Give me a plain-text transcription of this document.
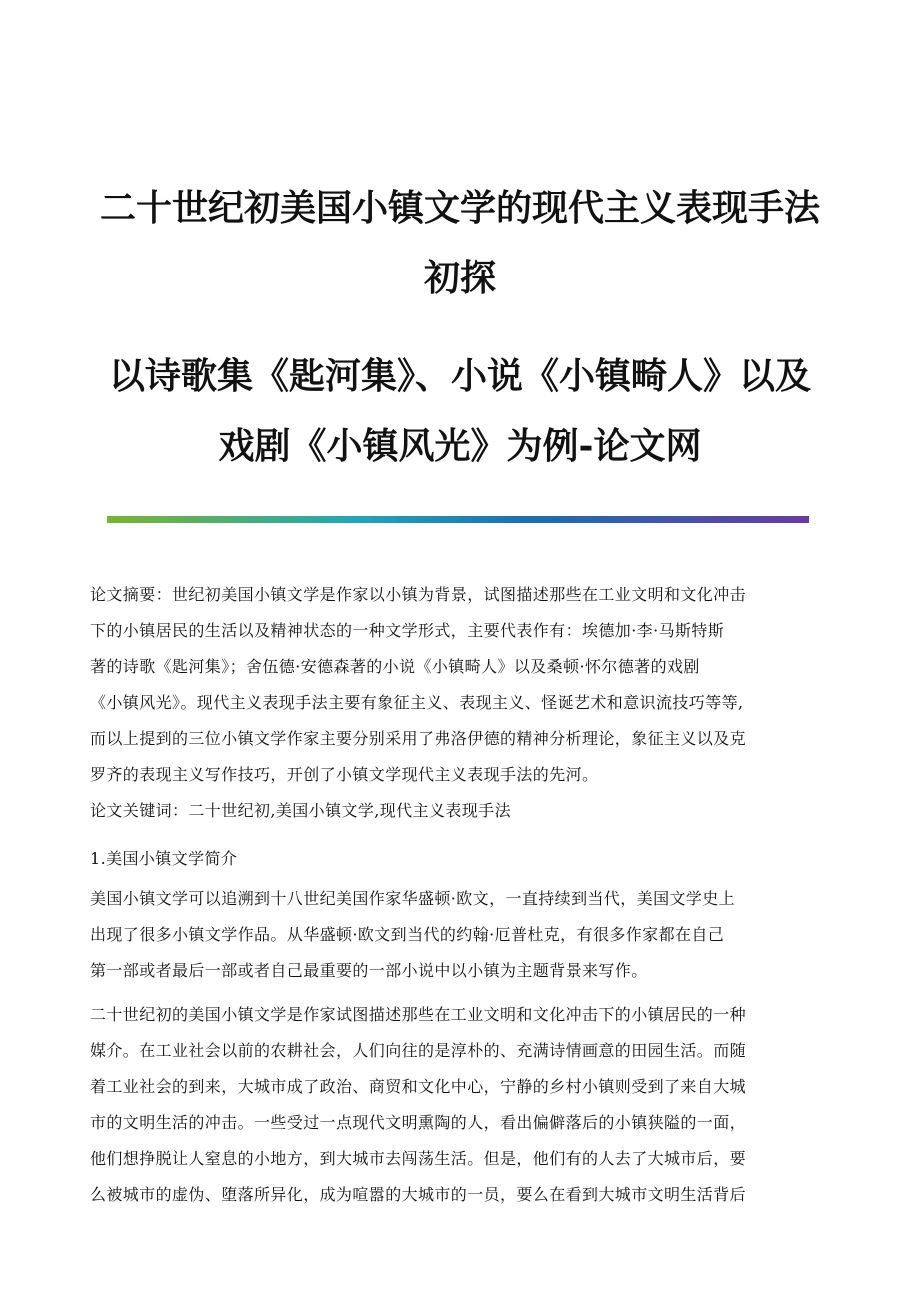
二十世纪初美国小镇文学的现代主义表现手法
初探
以诗歌集《匙河集》、小说《小镇畸人》以及
戏剧《小镇风光》为例-论文网
论文摘要：世纪初美国小镇文学是作家以小镇为背景，试图描述那些在工业文明和文化冲击
下的小镇居民的生活以及精神状态的一种文学形式，主要代表作有：埃德加·李·马斯特斯
著的诗歌《匙河集》；舍伍德·安德森著的小说《小镇畸人》以及桑顿·怀尔德著的戏剧
《小镇风光》。现代主义表现手法主要有象征主义、表现主义、怪诞艺术和意识流技巧等等,
而以上提到的三位小镇文学作家主要分别采用了弗洛伊德的精神分析理论，象征主义以及克
罗齐的表现主义写作技巧，开创了小镇文学现代主义表现手法的先河。
论文关键词：二十世纪初,美国小镇文学,现代主义表现手法
1.美国小镇文学简介
美国小镇文学可以追溯到十八世纪美国作家华盛顿·欧文，一直持续到当代，美国文学史上
出现了很多小镇文学作品。从华盛顿·欧文到当代的约翰·厄普杜克，有很多作家都在自己
第一部或者最后一部或者自己最重要的一部小说中以小镇为主题背景来写作。
二十世纪初的美国小镇文学是作家试图描述那些在工业文明和文化冲击下的小镇居民的一种
媒介。在工业社会以前的农耕社会，人们向往的是淳朴的、充满诗情画意的田园生活。而随
着工业社会的到来，大城市成了政治、商贸和文化中心，宁静的乡村小镇则受到了来自大城
市的文明生活的冲击。一些受过一点现代文明熏陶的人，看出偏僻落后的小镇狭隘的一面，
他们想挣脱让人窒息的小地方，到大城市去闯荡生活。但是，他们有的人去了大城市后，要
么被城市的虚伪、堕落所异化，成为喧嚣的大城市的一员，要么在看到大城市文明生活背后
